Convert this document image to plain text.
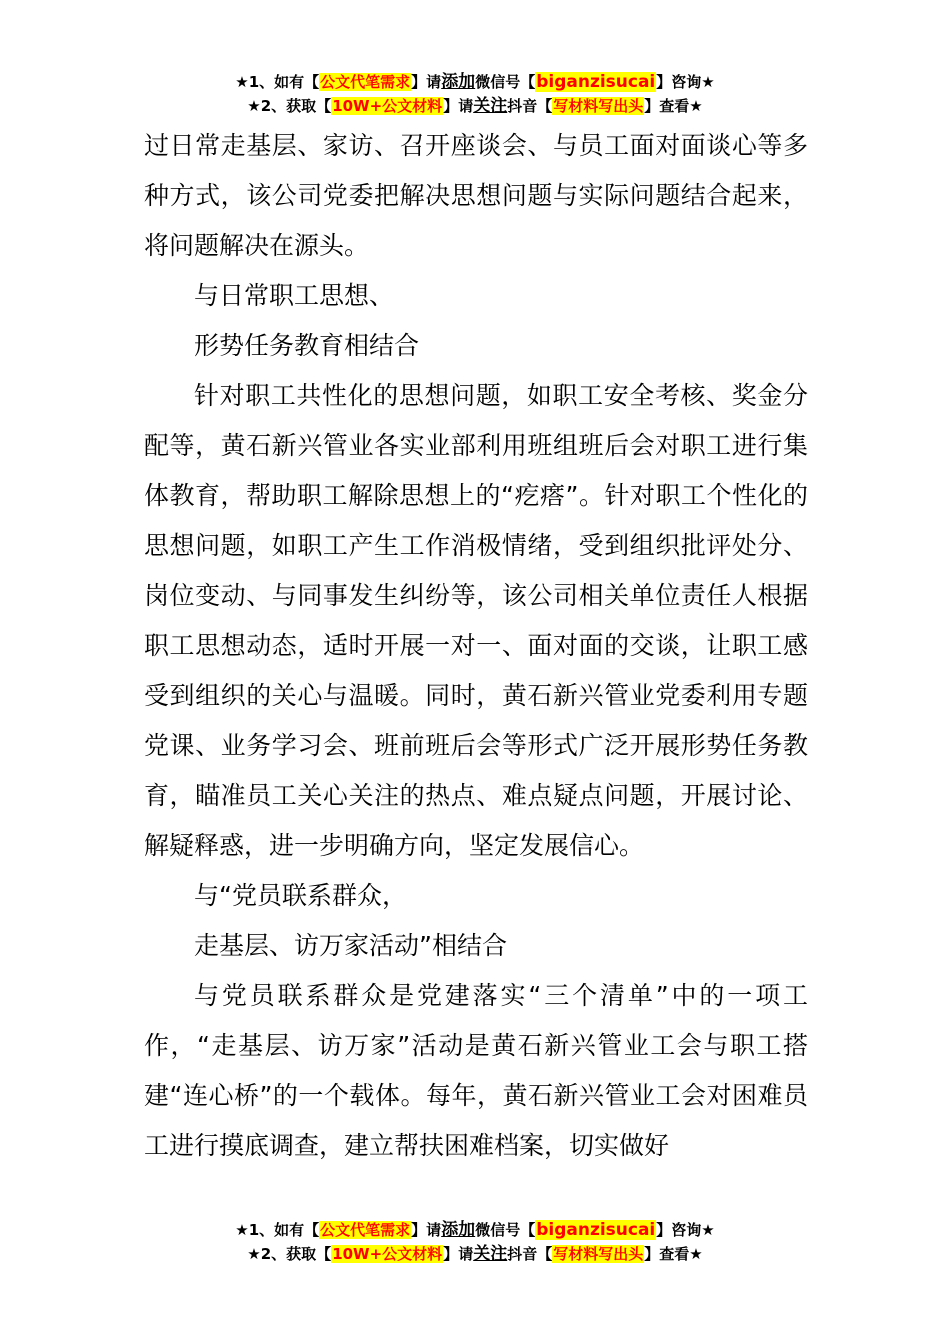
★1、如有【公文代笔需求】请添加微信号【biganzisucai】咨询★
★2、获取【10W+公文材料】请关注抖音【写材料写出头】查看★

过日常走基层、家访、召开座谈会、与员工面对面谈心等多种方式，该公司党委把解决思想问题与实际问题结合起来，将问题解决在源头。

与日常职工思想、

形势任务教育相结合

针对职工共性化的思想问题，如职工安全考核、奖金分配等，黄石新兴管业各实业部利用班组班后会对职工进行集体教育，帮助职工解除思想上的“疙瘩”。针对职工个性化的思想问题，如职工产生工作消极情绪，受到组织批评处分、岗位变动、与同事发生纠纷等，该公司相关单位责任人根据职工思想动态，适时开展一对一、面对面的交谈，让职工感受到组织的关心与温暖。同时，黄石新兴管业党委利用专题党课、业务学习会、班前班后会等形式广泛开展形势任务教育，瞄准员工关心关注的热点、难点疑点问题，开展讨论、解疑释惑，进一步明确方向，坚定发展信心。

与“党员联系群众，

走基层、访万家活动”相结合

与党员联系群众是党建落实“三个清单”中的一项工作，“走基层、访万家”活动是黄石新兴管业工会与职工搭建“连心桥”的一个载体。每年，黄石新兴管业工会对困难员工进行摸底调查，建立帮扶困难档案，切实做好

★1、如有【公文代笔需求】请添加微信号【biganzisucai】咨询★
★2、获取【10W+公文材料】请关注抖音【写材料写出头】查看★
